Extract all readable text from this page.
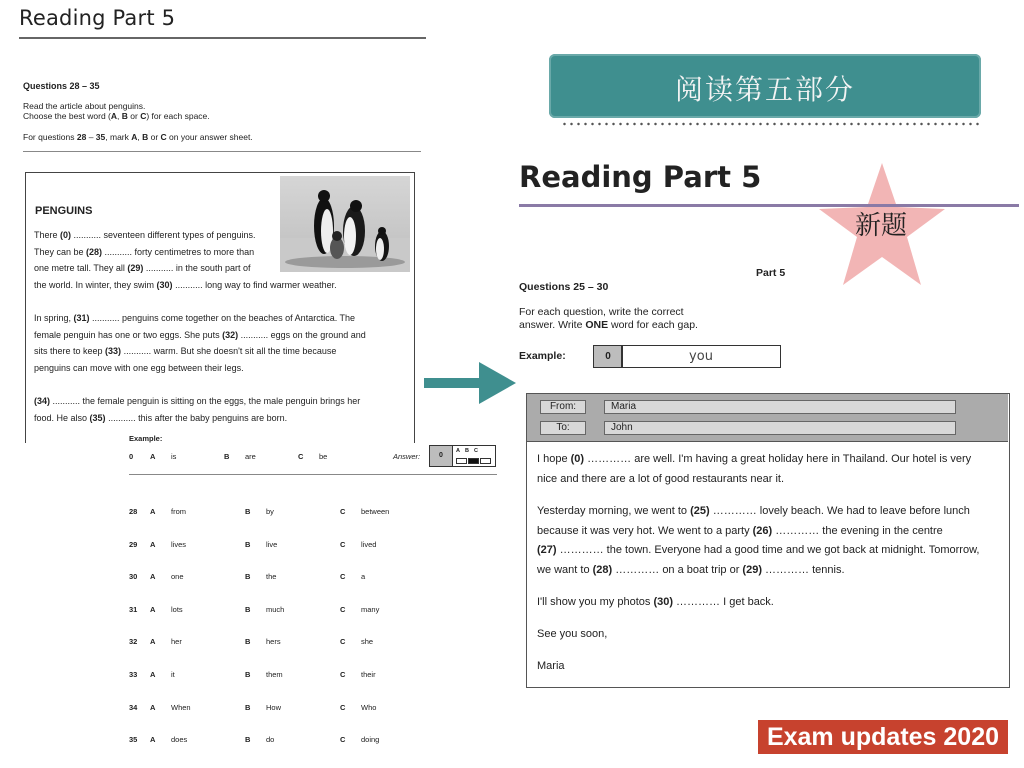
Reading Part 5
Questions 28 – 35
Read the article about penguins.
Choose the best word (A, B or C) for each space.
For questions 28 – 35, mark A, B or C on your answer sheet.
PENGUINS
There (0) ........... seventeen different types of penguins.
They can be (28) ........... forty centimetres to more than
one metre tall. They all (29) ........... in the south part of
the world. In winter, they swim (30) ........... long way to find warmer weather.
In spring, (31) ........... penguins come together on the beaches of Antarctica. The
female penguin has one or two eggs. She puts (32) ........... eggs on the ground and
sits there to keep (33) ........... warm. But she doesn't sit all the time because
penguins can move with one egg between their legs.
(34) ........... the female penguin is sitting on the eggs, the male penguin brings her
food. He also (35) ........... this after the baby penguins are born.
Example:
0 A is	B are	C be	Answer:	0
ABC
28 A from	B by	C between
29 A lives	B live	C lived
30 A one	B the	C a
31 A lots	B much	C many
32 A her	B hers	C she
33 A it	B them	C their
34 A When	B How	C Who
35 A does	B do	C doing
阅读第五部分
Reading Part 5
新题
Part 5
Questions 25 – 30
For each question, write the correct
answer. Write ONE word for each gap.
Example:	0	you
From:	Maria
To:	John
I hope (0) ………… are well. I'm having a great holiday here in Thailand. Our hotel is very
nice and there are a lot of good restaurants near it.
Yesterday morning, we went to (25) ………… lovely beach. We had to leave before lunch
because it was very hot. We went to a party (26) ………… the evening in the centre
(27) ………… the town. Everyone had a good time and we got back at midnight. Tomorrow,
we want to (28) ………… on a boat trip or (29) ………… tennis.
I'll show you my photos (30) ………… I get back.
See you soon,
Maria
Exam updates 2020
